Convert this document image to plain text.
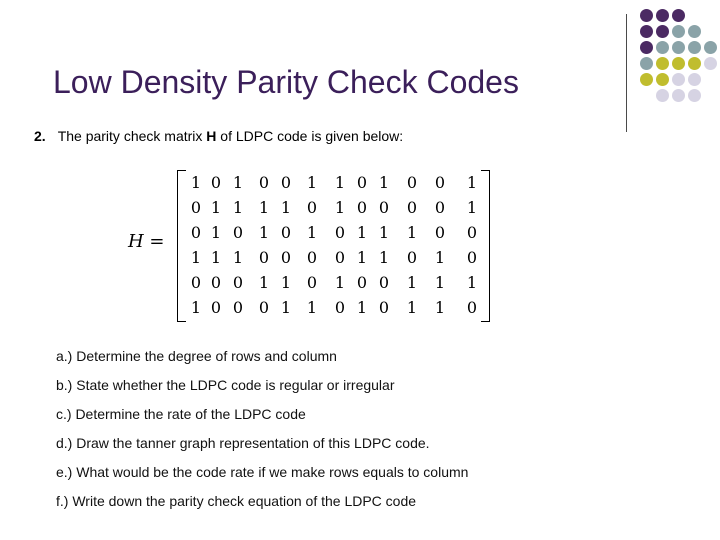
Low Density Parity Check Codes
2. The parity check matrix H of LDPC code is given below:
H =
1 0 1 0 0 1	1 0 1	0	0	1
0 1 1 1 1 0	1 0 0	0	0	1
0 1 0 1 0 1	0 1 1	1	0	0
1 1 1 0 0 0	0 1 1	0	1	0
0 0 0 1 1 0	1 0 0	1	1	1
1 0 0 0 1 1	0 1 0	1	1	0
a.) Determine the degree of rows and column
b.) State whether the LDPC code is regular or irregular
c.) Determine the rate of the LDPC code
d.) Draw the tanner graph representation of this LDPC code.
e.) What would be the code rate if we make rows equals to column
f.) Write down the parity check equation of the LDPC code
